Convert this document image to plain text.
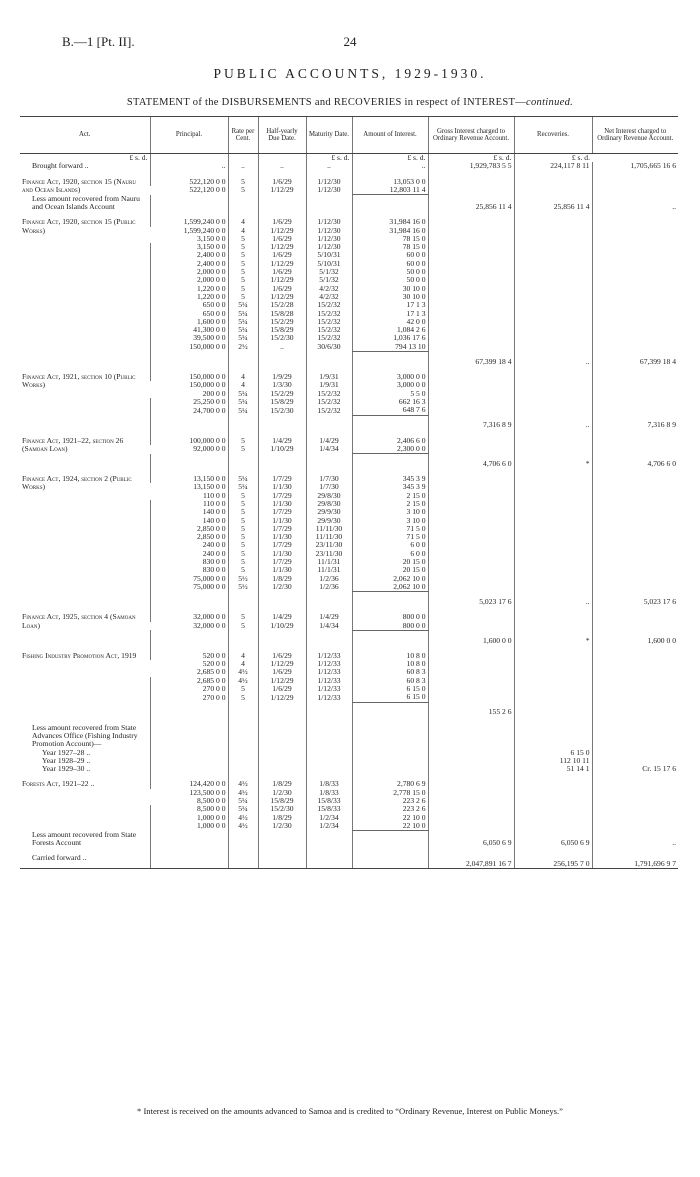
B.—1 [Pt. II].	24
PUBLIC ACCOUNTS, 1929-1930.
STATEMENT of the DISBURSEMENTS and RECOVERIES in respect of INTEREST—continued.
Act.	Principal.	Rate per Cent.	Half-yearly Due Date.	Maturity Date.	Amount of Interest.	Gross Interest charged to Ordinary Revenue Account.	Recoveries.	Net Interest charged to Ordinary Revenue Account.
£ s. d.				£ s. d.	£ s. d.	£ s. d.	£ s. d.	
Brought forward ..	..	..	..	..	..	1,929,783 5 5	224,117 8 11	1,705,665 16 6

Finance Act, 1920, section 15 (Nauru and Ocean Islands)	522,120 0 0	5	1/6/29	1/12/30	13,053 0 0			
	522,120 0 0	5	1/12/29	1/12/30	12,803 11 4			
Less amount recovered from Nauru and Ocean Islands Account						25,856 11 4	25,856 11 4	..

Finance Act, 1920, section 15 (Public Works)	1,599,240 0 0	4	1/6/29	1/12/30	31,984 16 0			
	1,599,240 0 0	4	1/12/29	1/12/30	31,984 16 0			
	3,150 0 0	5	1/6/29	1/12/30	78 15 0			
	3,150 0 0	5	1/12/29	1/12/30	78 15 0			
	2,400 0 0	5	1/6/29	5/10/31	60 0 0			
	2,400 0 0	5	1/12/29	5/10/31	60 0 0			
	2,000 0 0	5	1/6/29	5/1/32	50 0 0			
	2,000 0 0	5	1/12/29	5/1/32	50 0 0			
	1,220 0 0	5	1/6/29	4/2/32	30 10 0			
	1,220 0 0	5	1/12/29	4/2/32	30 10 0			
	650 0 0	5¼	15/2/28	15/2/32	17 1 3			
	650 0 0	5¼	15/8/28	15/2/32	17 1 3			
	1,600 0 0	5¼	15/2/29	15/2/32	42 0 0			
	41,300 0 0	5¼	15/8/29	15/2/32	1,084 2 6			
	39,500 0 0	5¼	15/2/30	15/2/32	1,036 17 6			
	150,000 0 0	2½	..	30/6/30	794 13 10			
						67,399 18 4	..	67,399 18 4

Finance Act, 1921, section 10 (Public Works)	150,000 0 0	4	1/9/29	1/9/31	3,000 0 0			
	150,000 0 0	4	1/3/30	1/9/31	3,000 0 0			
	200 0 0	5¼	15/2/29	15/2/32	5 5 0			
	25,250 0 0	5¼	15/8/29	15/2/32	662 16 3			
	24,700 0 0	5¼	15/2/30	15/2/32	648 7 6			
						7,316 8 9	..	7,316 8 9

Finance Act, 1921–22, section 26 (Samoan Loan)	100,000 0 0	5	1/4/29	1/4/29	2,406 6 0			
	92,000 0 0	5	1/10/29	1/4/34	2,300 0 0			
						4,706 6 0	*	4,706 6 0

Finance Act, 1924, section 2 (Public Works)	13,150 0 0	5¼	1/7/29	1/7/30	345 3 9			
	13,150 0 0	5¼	1/1/30	1/7/30	345 3 9			
	110 0 0	5	1/7/29	29/8/30	2 15 0			
	110 0 0	5	1/1/30	29/8/30	2 15 0			
	140 0 0	5	1/7/29	29/9/30	3 10 0			
	140 0 0	5	1/1/30	29/9/30	3 10 0			
	2,850 0 0	5	1/7/29	11/11/30	71 5 0			
	2,850 0 0	5	1/1/30	11/11/30	71 5 0			
	240 0 0	5	1/7/29	23/11/30	6 0 0			
	240 0 0	5	1/1/30	23/11/30	6 0 0			
	830 0 0	5	1/7/29	11/1/31	20 15 0			
	830 0 0	5	1/1/30	11/1/31	20 15 0			
	75,000 0 0	5½	1/8/29	1/2/36	2,062 10 0			
	75,000 0 0	5½	1/2/30	1/2/36	2,062 10 0			
						5,023 17 6	..	5,023 17 6

Finance Act, 1925, section 4 (Samoan Loan)	32,000 0 0	5	1/4/29	1/4/29	800 0 0			
	32,000 0 0	5	1/10/29	1/4/34	800 0 0			
						1,600 0 0	*	1,600 0 0

Fishing Industry Promotion Act, 1919	520 0 0	4	1/6/29	1/12/33	10 8 0			
	520 0 0	4	1/12/29	1/12/33	10 8 0			
	2,685 0 0	4½	1/6/29	1/12/33	60 8 3			
	2,685 0 0	4½	1/12/29	1/12/33	60 8 3			
	270 0 0	5	1/6/29	1/12/33	6 15 0			
	270 0 0	5	1/12/29	1/12/33	6 15 0			
						155 2 6		

Less amount recovered from State Advances Office (Fishing Industry Promotion Account)—								
Year 1927–28 ..							6 15 0	
Year 1928–29 ..							112 10 11	
Year 1929–30 ..							51 14 1	Cr. 15 17 6

Forests Act, 1921–22 ..	124,420 0 0	4½	1/8/29	1/8/33	2,780 6 9			
	123,500 0 0	4½	1/2/30	1/8/33	2,778 15 0			
	8,500 0 0	5¼	15/8/29	15/8/33	223 2 6			
	8,500 0 0	5¼	15/2/30	15/8/33	223 2 6			
	1,000 0 0	4½	1/8/29	1/2/34	22 10 0			
	1,000 0 0	4½	1/2/30	1/2/34	22 10 0			
Less amount recovered from State Forests Account						6,050 6 9	6,050 6 9	..

Carried forward ..						2,047,891 16 7	256,195 7 0	1,791,696 9 7
* Interest is received on the amounts advanced to Samoa and is credited to “Ordinary Revenue, Interest on Public Moneys.”
